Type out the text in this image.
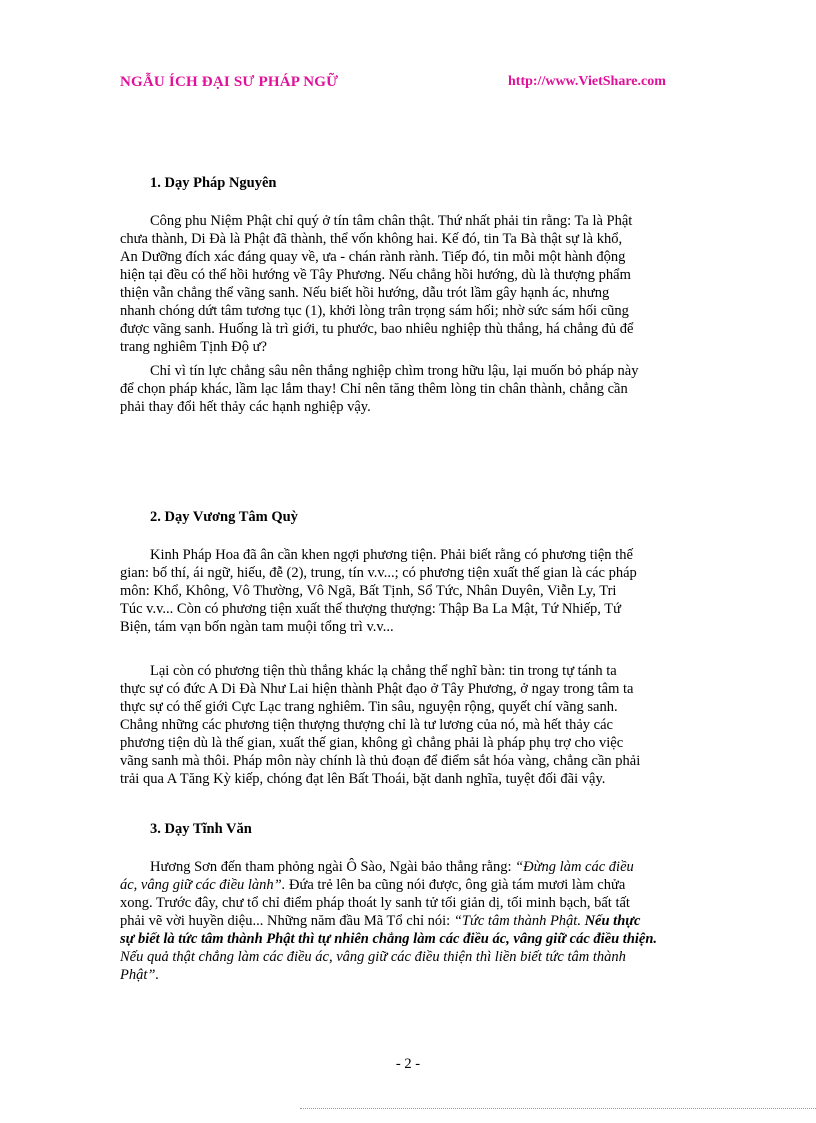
NGẪU ÍCH ĐẠI SƯ PHÁP NGỮ	http://www.VietShare.com
1. Dạy Pháp Nguyên
Công phu Niệm Phật chỉ quý ở tín tâm chân thật. Thứ nhất phải tin rằng: Ta là Phật
chưa thành, Di Đà là Phật đã thành, thể vốn không hai. Kế đó, tin Ta Bà thật sự là khổ,
An Dưỡng đích xác đáng quay về, ưa - chán rành rành. Tiếp đó, tin mỗi một hành động
hiện tại đều có thể hồi hướng về Tây Phương. Nếu chẳng hồi hướng, dù là thượng phẩm
thiện vẫn chẳng thể vãng sanh. Nếu biết hồi hướng, dẫu trót lầm gây hạnh ác, nhưng
nhanh chóng dứt tâm tương tục (1), khởi lòng trân trọng sám hối; nhờ sức sám hối cũng
được vãng sanh. Huống là trì giới, tu phước, bao nhiêu nghiệp thù thắng, há chẳng đủ để
trang nghiêm Tịnh Độ ư?
Chỉ vì tín lực chẳng sâu nên thắng nghiệp chìm trong hữu lậu, lại muốn bỏ pháp này
để chọn pháp khác, lầm lạc lắm thay! Chỉ nên tăng thêm lòng tin chân thành, chẳng cần
phải thay đổi hết thảy các hạnh nghiệp vậy.
2. Dạy Vương Tâm Quỳ
Kinh Pháp Hoa đã ân cần khen ngợi phương tiện. Phải biết rằng có phương tiện thế
gian: bố thí, ái ngữ, hiếu, đễ (2), trung, tín v.v...; có phương tiện xuất thế gian là các pháp
môn: Khổ, Không, Vô Thường, Vô Ngã, Bất Tịnh, Sổ Tức, Nhân Duyên, Viễn Ly, Tri
Túc v.v... Còn có phương tiện xuất thế thượng thượng: Thập Ba La Mật, Tứ Nhiếp, Tứ
Biện, tám vạn bốn ngàn tam muội tổng trì v.v...
Lại còn có phương tiện thù thắng khác lạ chẳng thể nghĩ bàn: tin trong tự tánh ta
thực sự có đức A Di Đà Như Lai hiện thành Phật đạo ở Tây Phương, ở ngay trong tâm ta
thực sự có thế giới Cực Lạc trang nghiêm. Tin sâu, nguyện rộng, quyết chí vãng sanh.
Chẳng những các phương tiện thượng thượng chỉ là tư lương của nó, mà hết thảy các
phương tiện dù là thế gian, xuất thế gian, không gì chẳng phải là pháp phụ trợ cho việc
vãng sanh mà thôi. Pháp môn này chính là thủ đoạn để điểm sắt hóa vàng, chẳng cần phải
trải qua A Tăng Kỳ kiếp, chóng đạt lên Bất Thoái, bặt danh nghĩa, tuyệt đối đãi vậy.
3. Dạy Tĩnh Văn
Hương Sơn đến tham phỏng ngài Ô Sào, Ngài bảo thẳng rằng: “Đừng làm các điều
ác, vâng giữ các điều lành”. Đứa trẻ lên ba cũng nói được, ông già tám mươi làm chửa
xong. Trước đây, chư tổ chỉ điểm pháp thoát ly sanh tử tối giản dị, tối minh bạch, bất tất
phải vẽ vời huyền diệu... Những năm đầu Mã Tổ chỉ nói: “Tức tâm thành Phật. Nếu thực
sự biết là tức tâm thành Phật thì tự nhiên chẳng làm các điều ác, vâng giữ các điều thiện.
Nếu quả thật chẳng làm các điều ác, vâng giữ các điều thiện thì liền biết tức tâm thành
Phật”.
- 2 -
